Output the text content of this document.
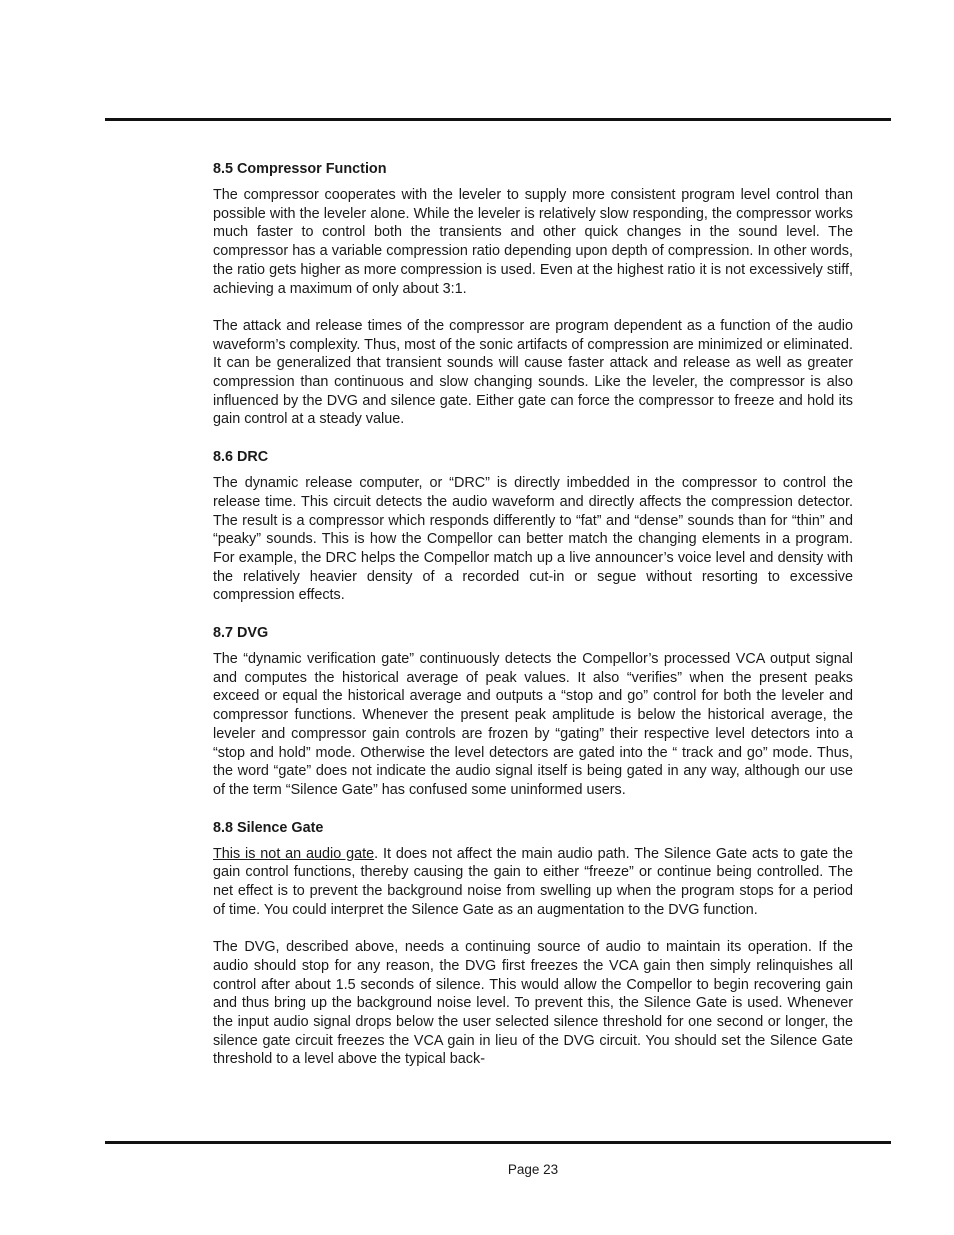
8.5 Compressor Function

The compressor cooperates with the leveler to supply more consistent program level control than possible with the leveler alone. While the leveler is relatively slow responding, the compressor works much faster to control both the transients and other quick changes in the sound level. The compressor has a variable compression ratio depending upon depth of compression. In other words, the ratio gets higher as more compression is used. Even at the highest ratio it is not excessively stiff, achieving a maximum of only about 3:1.

The attack and release times of the compressor are program dependent as a function of the audio waveform’s complexity. Thus, most of the sonic artifacts of compression are minimized or eliminated. It can be generalized that transient sounds will cause faster attack and release as well as greater compression than continuous and slow changing sounds. Like the leveler, the compressor is also influenced by the DVG and silence gate. Either gate can force the compressor to freeze and hold its gain control at a steady value.

8.6 DRC

The dynamic release computer, or “DRC” is directly imbedded in the compressor to control the release time. This circuit detects the audio waveform and directly affects the compression detector. The result is a compressor which responds differently to “fat” and “dense” sounds than for “thin” and “peaky” sounds. This is how the Compellor can better match the changing elements in a program. For example, the DRC helps the Compellor match up a live announcer’s voice level and density with the relatively heavier density of a recorded cut-in or segue without resorting to excessive compression effects.

8.7 DVG

The “dynamic verification gate” continuously detects the Compellor’s processed VCA output signal and computes the historical average of peak values. It also “verifies” when the present peaks exceed or equal the historical average and outputs a “stop and go” control for both the leveler and compressor functions. Whenever the present peak amplitude is below the historical average, the leveler and compressor gain controls are frozen by “gating” their respective level detectors into a “stop and hold” mode. Otherwise the level detectors are gated into the “ track and go” mode. Thus, the word “gate” does not indicate the audio signal itself is being gated in any way, although our use of the term “Silence Gate” has confused some uninformed users.

8.8 Silence Gate

This is not an audio gate. It does not affect the main audio path. The Silence Gate acts to gate the gain control functions, thereby causing the gain to either “freeze” or continue being controlled. The net effect is to prevent the background noise from swelling up when the program stops for a period of time. You could interpret the Silence Gate as an augmentation to the DVG function.

The DVG, described above, needs a continuing source of audio to maintain its operation. If the audio should stop for any reason, the DVG first freezes the VCA gain then simply relinquishes all control after about 1.5 seconds of silence. This would allow the Compellor to begin recovering gain and thus bring up the background noise level. To prevent this, the Silence Gate is used. Whenever the input audio signal drops below the user selected silence threshold for one second or longer, the silence gate circuit freezes the VCA gain in lieu of the DVG circuit. You should set the Silence Gate threshold to a level above the typical back-

Page 23
